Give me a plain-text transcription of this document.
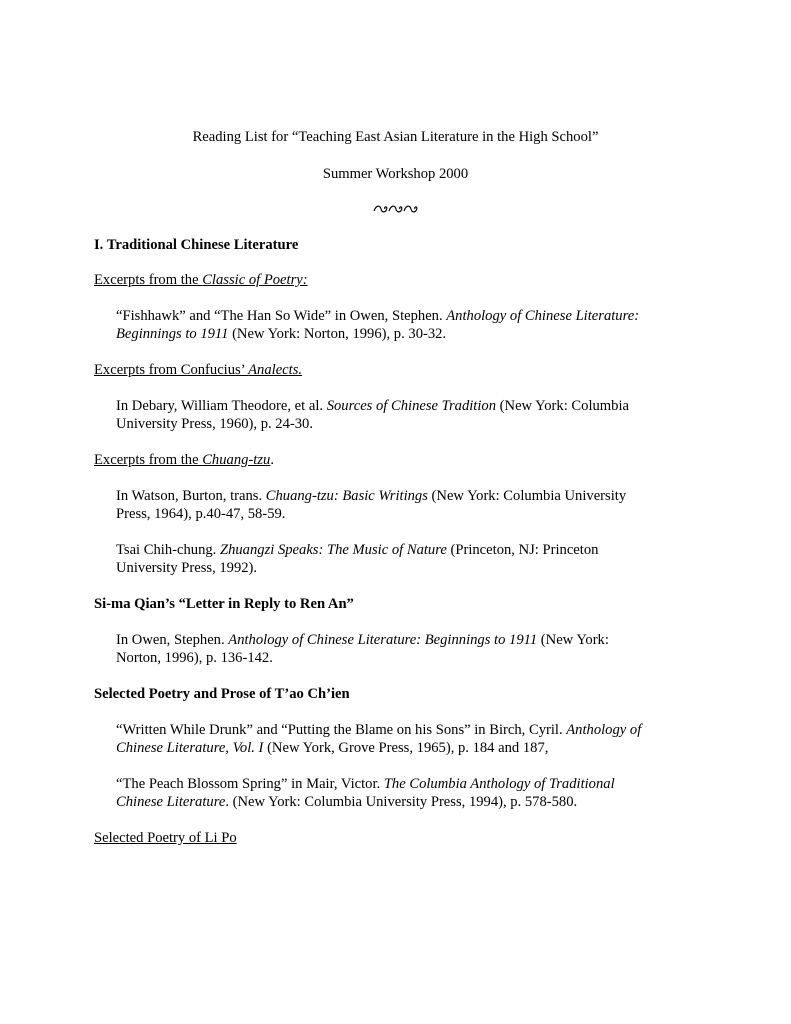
Reading List for “Teaching East Asian Literature in the High School”
Summer Workshop 2000
I. Traditional Chinese Literature
Excerpts from the Classic of Poetry:
“Fishhawk” and “The Han So Wide” in Owen, Stephen. Anthology of Chinese Literature:
Beginnings to 1911 (New York: Norton, 1996), p. 30-32.
Excerpts from Confucius’ Analects.
In Debary, William Theodore, et al. Sources of Chinese Tradition (New York: Columbia
University Press, 1960), p. 24-30.
Excerpts from the Chuang-tzu.
In Watson, Burton, trans. Chuang-tzu: Basic Writings (New York: Columbia University
Press, 1964), p.40-47, 58-59.
Tsai Chih-chung. Zhuangzi Speaks: The Music of Nature (Princeton, NJ: Princeton
University Press, 1992).
Si-ma Qian’s “Letter in Reply to Ren An”
In Owen, Stephen. Anthology of Chinese Literature: Beginnings to 1911 (New York:
Norton, 1996), p. 136-142.
Selected Poetry and Prose of T’ao Ch’ien
“Written While Drunk” and “Putting the Blame on his Sons” in Birch, Cyril. Anthology of
Chinese Literature, Vol. I (New York, Grove Press, 1965), p. 184 and 187,
“The Peach Blossom Spring” in Mair, Victor. The Columbia Anthology of Traditional
Chinese Literature. (New York: Columbia University Press, 1994), p. 578-580.
Selected Poetry of Li Po
